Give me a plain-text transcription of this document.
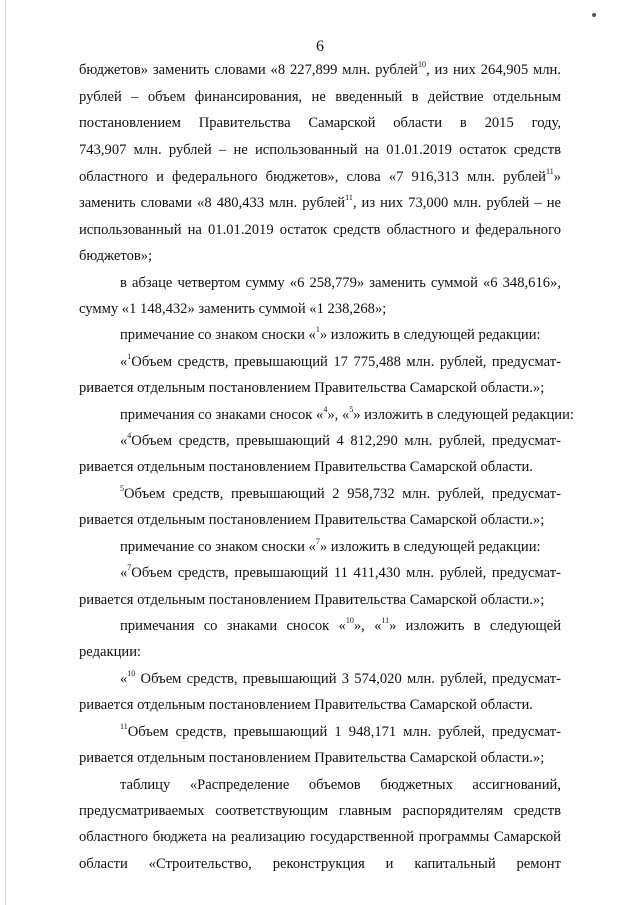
6
бюджетов» заменить словами «8 227,899 млн. рублей$^{10}$, из них 264,905 млн.
рублей – объем финансирования, не введенный в действие отдельным
постановлением Правительства Самарской области в 2015 году,
743,907 млн. рублей – не использованный на 01.01.2019 остаток средств
областного и федерального бюджетов», слова «7 916,313 млн. рублей$^{11}$»
заменить словами «8 480,433 млн. рублей$^{11}$, из них 73,000 млн. рублей – не
использованный на 01.01.2019 остаток средств областного и федерального
бюджетов»;
в абзаце четвертом сумму «6 258,779» заменить суммой «6 348,616»,
сумму «1 148,432» заменить суммой «1 238,268»;
примечание со знаком сноски «$^1$» изложить в следующей редакции:
«$^1$Объем средств, превышающий 17 775,488 млн. рублей, предусмат-
ривается отдельным постановлением Правительства Самарской области.»;
примечания со знаками сносок «$^4$», «$^5$» изложить в следующей редакции:
«$^4$Объем средств, превышающий 4 812,290 млн. рублей, предусмат-
ривается отдельным постановлением Правительства Самарской области.
$^5$Объем средств, превышающий 2 958,732 млн. рублей, предусмат-
ривается отдельным постановлением Правительства Самарской области.»;
примечание со знаком сноски «$^7$» изложить в следующей редакции:
«$^7$Объем средств, превышающий 11 411,430 млн. рублей, предусмат-
ривается отдельным постановлением Правительства Самарской области.»;
примечания со знаками сносок «$^{10}$», «$^{11}$» изложить в следующей
редакции:
«$^{10}$ Объем средств, превышающий 3 574,020 млн. рублей, предусмат-
ривается отдельным постановлением Правительства Самарской области.
$^{11}$Объем средств, превышающий 1 948,171 млн. рублей, предусмат-
ривается отдельным постановлением Правительства Самарской области.»;
таблицу «Распределение объемов бюджетных ассигнований,
предусматриваемых соответствующим главным распорядителям средств
областного бюджета на реализацию государственной программы Самарской
области «Строительство, реконструкция и капитальный ремонт
